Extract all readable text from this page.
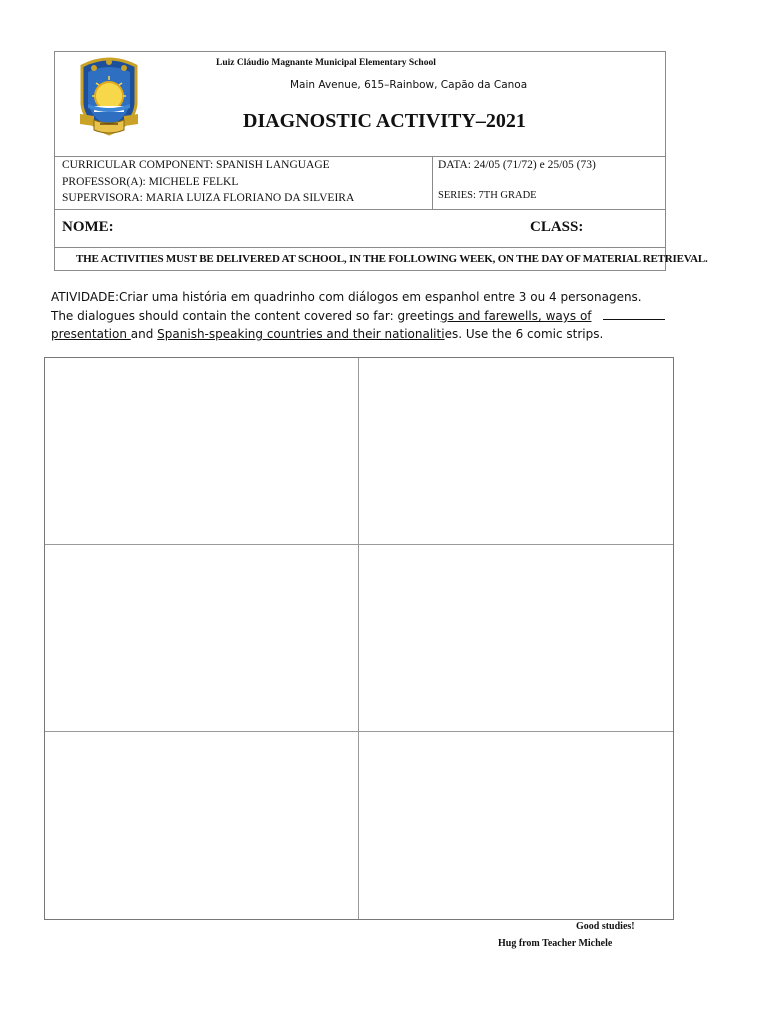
Luiz Cláudio Magnante Municipal Elementary School
Main Avenue, 615–Rainbow, Capão da Canoa
DIAGNOSTIC ACTIVITY–2021
CURRICULAR COMPONENT: SPANISH LANGUAGE
PROFESSOR(A): MICHELE FELKL
SUPERVISORA: MARIA LUIZA FLORIANO DA SILVEIRA
DATA: 24/05 (71/72) e 25/05 (73)
SERIES: 7TH GRADE
NOME:	CLASS:
THE ACTIVITIES MUST BE DELIVERED AT SCHOOL, IN THE FOLLOWING WEEK, ON THE DAY OF MATERIAL RETRIEVAL.
ATIVIDADE:Criar uma história em quadrinho com diálogos em espanhol entre 3 ou 4 personagens.
The dialogues should contain the content covered so far: greetings and farewells, ways of
presentation and Spanish-speaking countries and their nationalities. Use the 6 comic strips.
Good studies!
Hug from Teacher Michele
